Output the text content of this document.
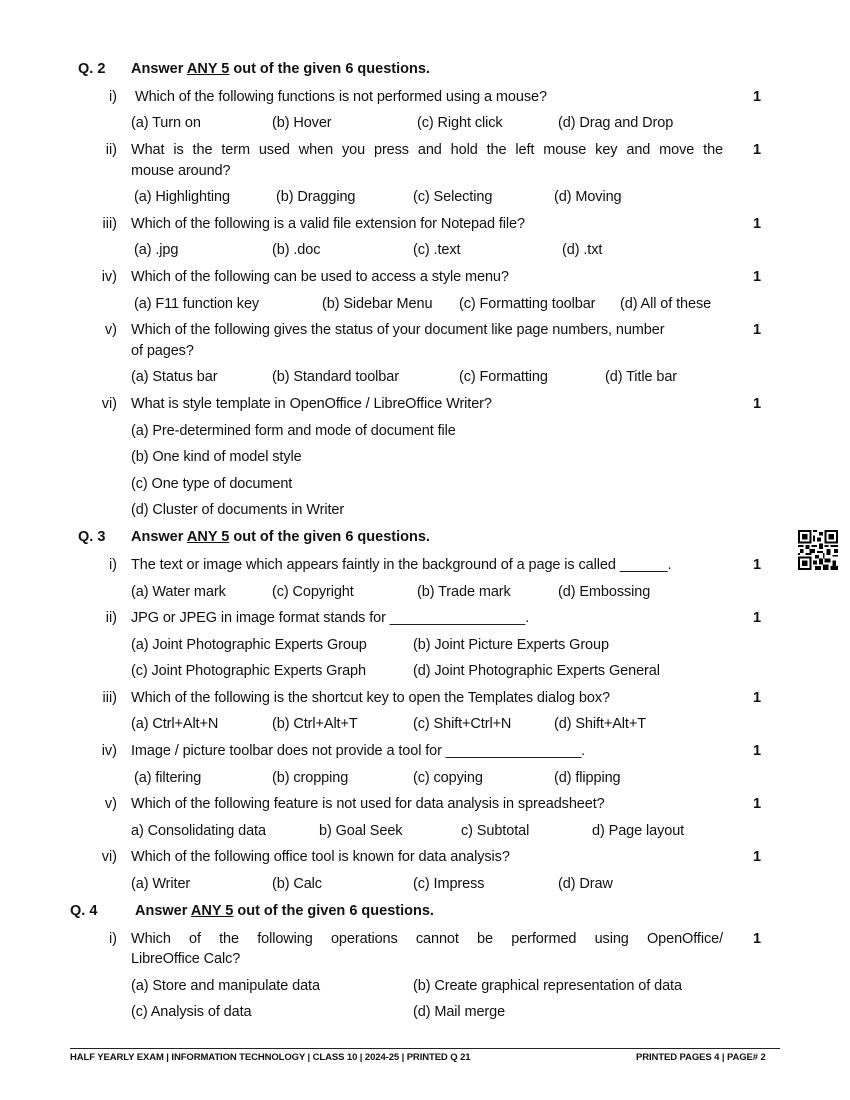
Q. 2 Answer ANY 5 out of the given 6 questions.
i) Which of the following functions is not performed using a mouse?	1
(a) Turn on	(b) Hover	(c) Right click	(d) Drag and Drop
ii) What is the term used when you press and hold the left mouse key and move the
mouse around?
1
(a) Highlighting	(b) Dragging	(c) Selecting	(d) Moving
iii) Which of the following is a valid file extension for Notepad file?	1
(a) .jpg	(b) .doc	(c) .text	(d) .txt
iv) Which of the following can be used to access a style menu?	1
(a) F11 function key	(b) Sidebar Menu (c) Formatting toolbar (d) All of these
v) Which of the following gives the status of your document like page numbers, number
of pages?
1
(a) Status bar	(b) Standard toolbar	(c) Formatting	(d) Title bar
vi) What is style template in OpenOffice / LibreOffice Writer?	1
(a) Pre-determined form and mode of document file
(b) One kind of model style
(c) One type of document
(d) Cluster of documents in Writer
Q. 3 Answer ANY 5 out of the given 6 questions.
i) The text or image which appears faintly in the background of a page is called ______.	1
(a) Water mark	(c) Copyright	(b) Trade mark	(d) Embossing
ii) JPG or JPEG in image format stands for _________________.	1
(a) Joint Photographic Experts Group	(b) Joint Picture Experts Group
(c) Joint Photographic Experts Graph	(d) Joint Photographic Experts General
iii) Which of the following is the shortcut key to open the Templates dialog box?	1
(a) Ctrl+Alt+N	(b) Ctrl+Alt+T	(c) Shift+Ctrl+N	(d) Shift+Alt+T
iv) Image / picture toolbar does not provide a tool for _________________.	1
(a) filtering	(b) cropping	(c) copying	(d) flipping
v) Which of the following feature is not used for data analysis in spreadsheet?	1
a) Consolidating data	b) Goal Seek	c) Subtotal	d) Page layout
vi) Which of the following office tool is known for data analysis?	1
(a) Writer	(b) Calc	(c) Impress	(d) Draw
Q. 4	Answer ANY 5 out of the given 6 questions.
i) Which of the following operations cannot be performed using OpenOffice/
LibreOffice Calc?
1
(a) Store and manipulate data	(b) Create graphical representation of data
(c) Analysis of data	(d) Mail merge
HALF YEARLY EXAM | INFORMATION TECHNOLOGY | CLASS 10 | 2024-25 | PRINTED Q 21	PRINTED PAGES 4 | PAGE# 2
